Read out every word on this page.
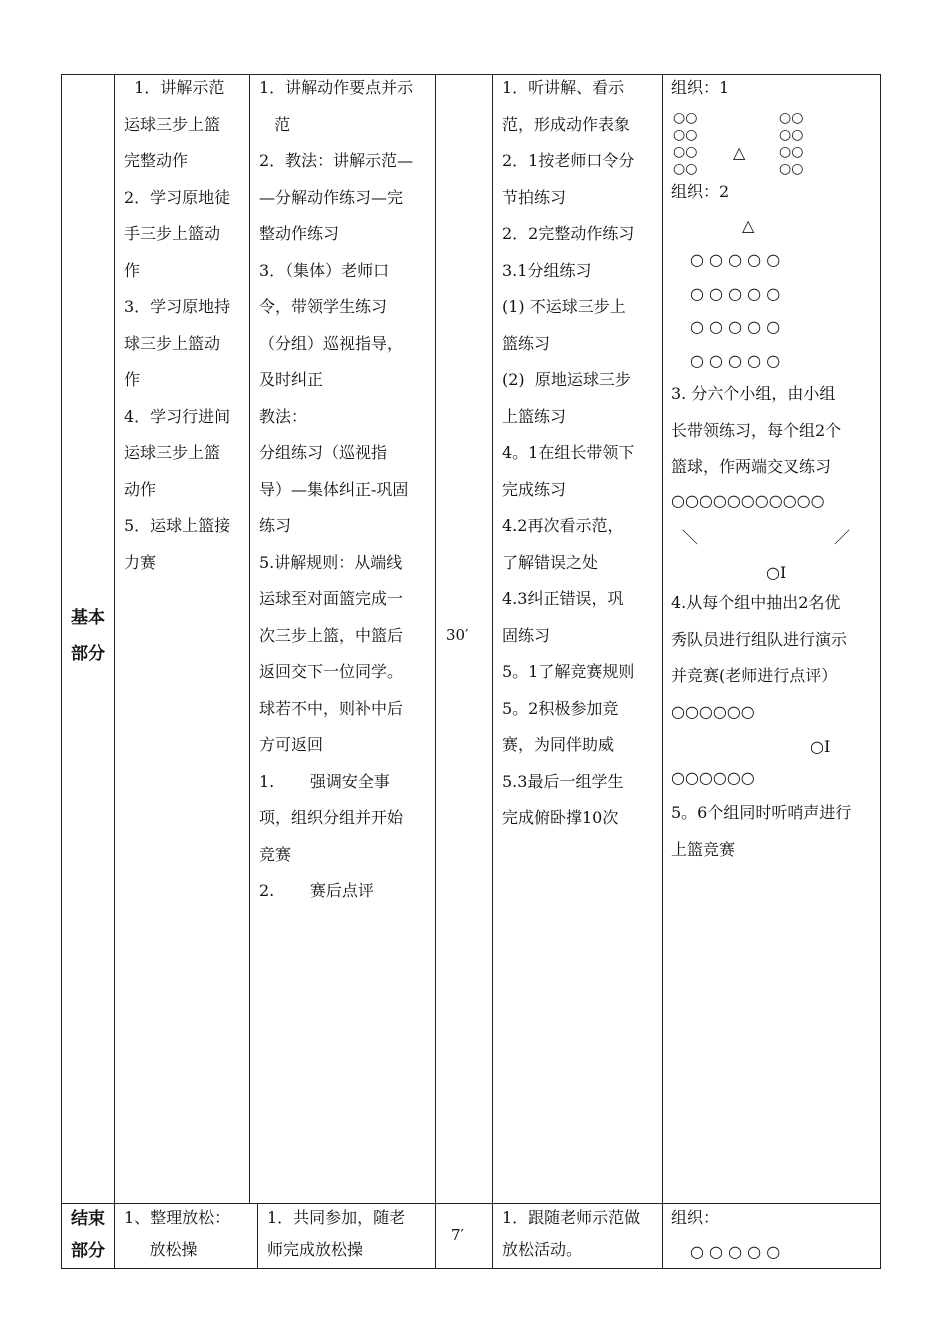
基本
部分

1．讲解示范

运球三步上篮

完整动作

2．学习原地徒

手三步上篮动

作

3．学习原地持

球三步上篮动

作

4．学习行进间

运球三步上篮

动作

5．运球上篮接

力赛

1．讲解动作要点并示

范

2．教法：讲解示范—

—分解动作练习—完

整动作练习

3．（集体）老师口

令，带领学生练习

（分组）巡视指导，

及时纠正

教法：

分组练习（巡视指

导）—集体纠正-巩固

练习

5.讲解规则：从端线

运球至对面篮完成一

次三步上篮，中篮后

返回交下一位同学。

球若不中，则补中后

方可返回

1.       强调安全事

项，组织分组并开始

竞赛

2.       赛后点评

30′

1．听讲解、看示

范，形成动作表象

2．1按老师口令分

节拍练习

2．2完整动作练习

3.1分组练习

(1) 不运球三步上

篮练习

(2)  原地运球三步

上篮练习

4。1在组长带领下

完成练习

4.2再次看示范，

了解错误之处

4.3纠正错误，巩

固练习

5。1了解竞赛规则

5。2积极参加竞

赛，为同伴助威

5.3最后一组学生

完成俯卧撑10次

组织：1
○○
○○
○○
○○
○○
○○
○○
○○
△
组织：2
△
○ ○ ○ ○ ○
○ ○ ○ ○ ○
○ ○ ○ ○ ○
○ ○ ○ ○ ○

3. 分六个小组，由小组

长带领练习，每个组2个

篮球，作两端交叉练习

○○○○○○○○○○○
＼	／
○I

4.从每个组中抽出2名优

秀队员进行组队进行演示

并竞赛(老师进行点评）

○○○○○○
○I
○○○○○○

5。6个组同时听哨声进行

上篮竞赛

结束
部分

1、整理放松：

放松操

1．共同参加，随老

师完成放松操

7′

1．跟随老师示范做

放松活动。

组织：
○ ○ ○ ○ ○
